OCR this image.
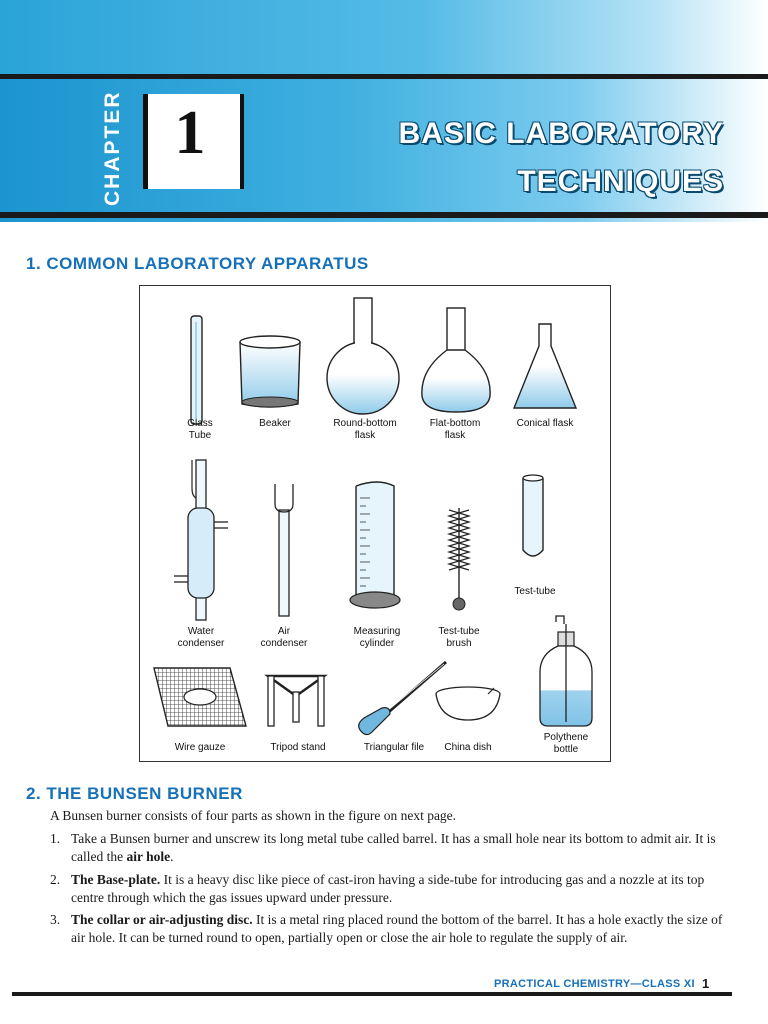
CHAPTER 1	BASIC LABORATORY
TECHNIQUES
1. COMMON LABORATORY APPARATUS
Glass
Tube
Beaker	Round-bottom
flask
Flat-bottom
flask
Conical flask
Water
condenser
Air
condenser
Measuring
cylinder
Test-tube
brush
Test-tube
Wire gauze	Tripod stand	Triangular file	China dish
Polythene
bottle
2. THE BUNSEN BURNER
A Bunsen burner consists of four parts as shown in the figure on next page.
1. Take a Bunsen burner and unscrew its long metal tube called barrel. It has a small hole near its bottom to admit air. It is called the air hole.
2. The Base-plate. It is a heavy disc like piece of cast-iron having a side-tube for introducing gas and a nozzle at its top centre through which the gas issues upward under pressure.
3. The collar or air-adjusting disc. It is a metal ring placed round the bottom of the barrel. It has a hole exactly the size of air hole. It can be turned round to open, partially open or close the air hole to regulate the supply of air.
PRACTICAL CHEMISTRY—CLASS XI 1
